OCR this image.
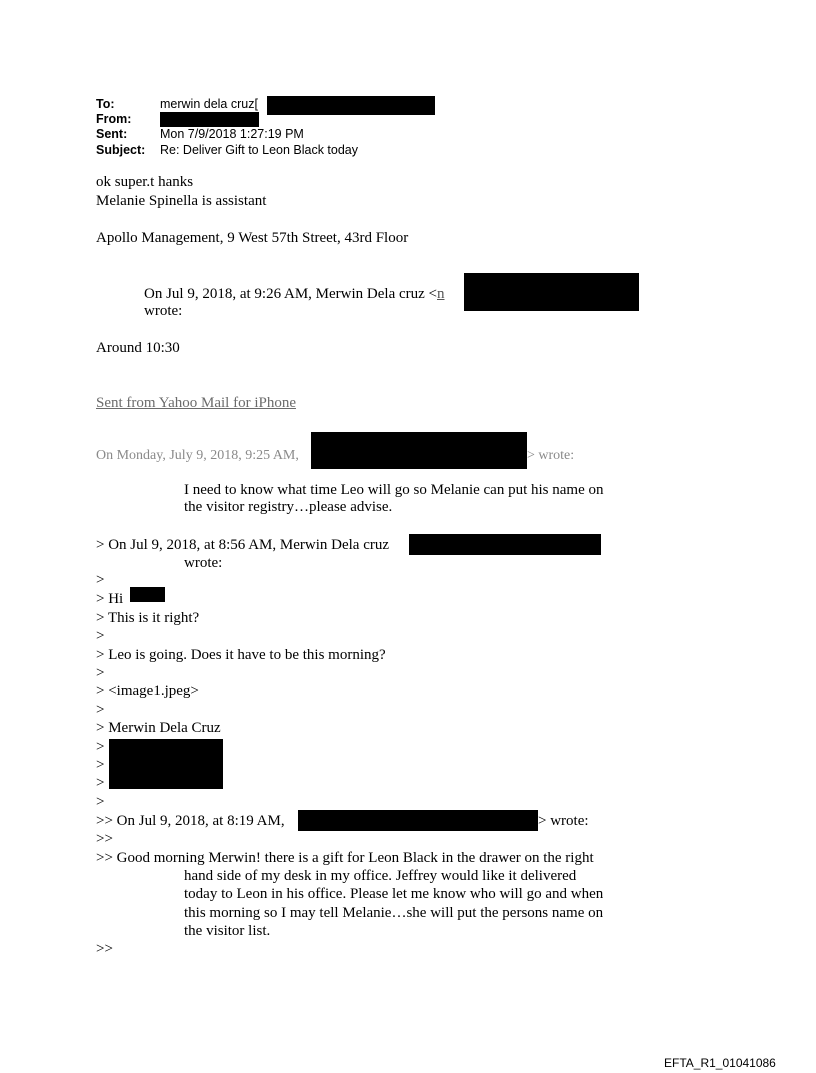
To:	merwin dela cruz[
From:
Sent:	Mon 7/9/2018 1:27:19 PM
Subject: Re: Deliver Gift to Leon Black today
ok super.t hanks
Melanie Spinella is assistant
Apollo Management, 9 West 57th Street, 43rd Floor
On Jul 9, 2018, at 9:26 AM, Merwin Dela cruz <n
wrote:
Around 10:30
Sent from Yahoo Mail for iPhone
On Monday, July 9, 2018, 9:25 AM,	> wrote:
I need to know what time Leo will go so Melanie can put his name on
the visitor registry…please advise.
> On Jul 9, 2018, at 8:56 AM, Merwin Dela cruz
wrote:
>
> Hi
> This is it right?
>
> Leo is going. Does it have to be this morning?
>
> <image1.jpeg>
>
> Merwin Dela Cruz
>
>
>
>
>> On Jul 9, 2018, at 8:19 AM,	> wrote:
>>
>> Good morning Merwin! there is a gift for Leon Black in the drawer on the right
hand side of my desk in my office. Jeffrey would like it delivered
today to Leon in his office. Please let me know who will go and when
this morning so I may tell Melanie…she will put the persons name on
the visitor list.
>>
EFTA_R1_01041086
